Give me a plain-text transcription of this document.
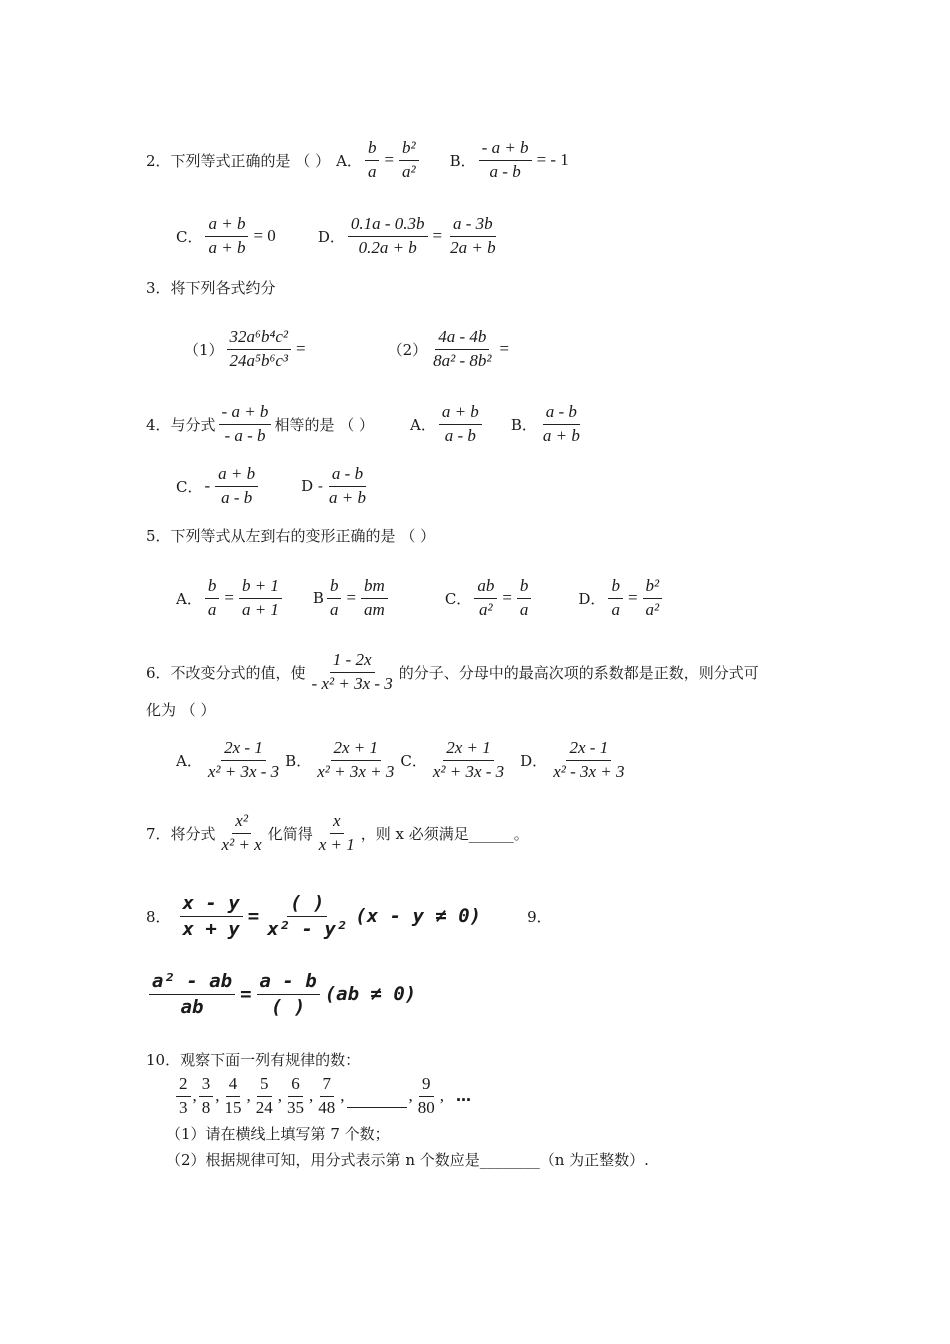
2．下列等式正确的是 （ ） A． $\frac{b}{a} = \frac{\text{b²}}{\text{a²}}$ B． $\frac{- a + b}{a - b}$ = - 1
C． $\frac{a + b}{a + b} = 0$	D． $\frac{0.1a - 0.3b}{0.2a + b} = \frac{a - 3b}{2a + b}$
3．将下列各式约分
$(1) \frac{\text{32a⁶b⁴c²}}{\text{24a⁵b⁶c³}}$ =	$(2) \frac{4a - 4b}{\text{8a² - 8b²}}$ =
4．与分式 $\frac{- a + b}{- a - b}$ 相等的是 （ ） A． $\frac{a + b}{a - b}$ B． $\frac{a - b}{a + b}$
C． - $\frac{a + b}{a - b}$	D - $\frac{a - b}{a + b}$
5．下列等式从左到右的变形正确的是 （ ）
A． $\frac{b}{a} = \frac{b + 1}{a + 1}$ B $\frac{b}{a} = \frac{bm}{am}$	C． $\frac{ab}{\text{a²}} = \frac{b}{a}$	D． $\frac{b}{a} = \frac{\text{b²}}{\text{a²}}$
6．不改变分式的值，使 $\frac{1 - 2x}{\text{- x² + 3x - 3}}$ 的分子、分母中的最高次项的系数都是正数，则分式可
化为 （ ）
A． $\frac{2x - 1}{\text{x² + 3x - 3}}$ B． $\frac{2x + 1}{\text{x² + 3x + 3}}$ C． $\frac{2x + 1}{\text{x² + 3x - 3}}$ D． $\frac{2x - 1}{\text{x² - 3x + 3}}$
7．将分式 $\frac{\text{x²}}{\text{x² + x}}$ 化简得 $\frac{x}{x + 1}$ ，则 x 必须满足______。
8． $\frac{x - y}{x + y} = \frac{( )}{\text{x² - y²}} (x - y \ne 0)$	9．
$\frac{\text{a² - ab}}{ab} = \frac{a - b}{( )} (ab \ne 0)$
10．观察下面一列有规律的数：
$\frac{2}{3}$ , $\frac{3}{8}$ , $\frac{4}{15}$ , $\frac{5}{24}$ , $\frac{6}{35}$ , $\frac{7}{48}$ ,	, $\frac{9}{80}$ , …
（1）请在横线上填写第 7 个数；
（2）根据规律可知，用分式表示第 n 个数应是________（n 为正整数）.
